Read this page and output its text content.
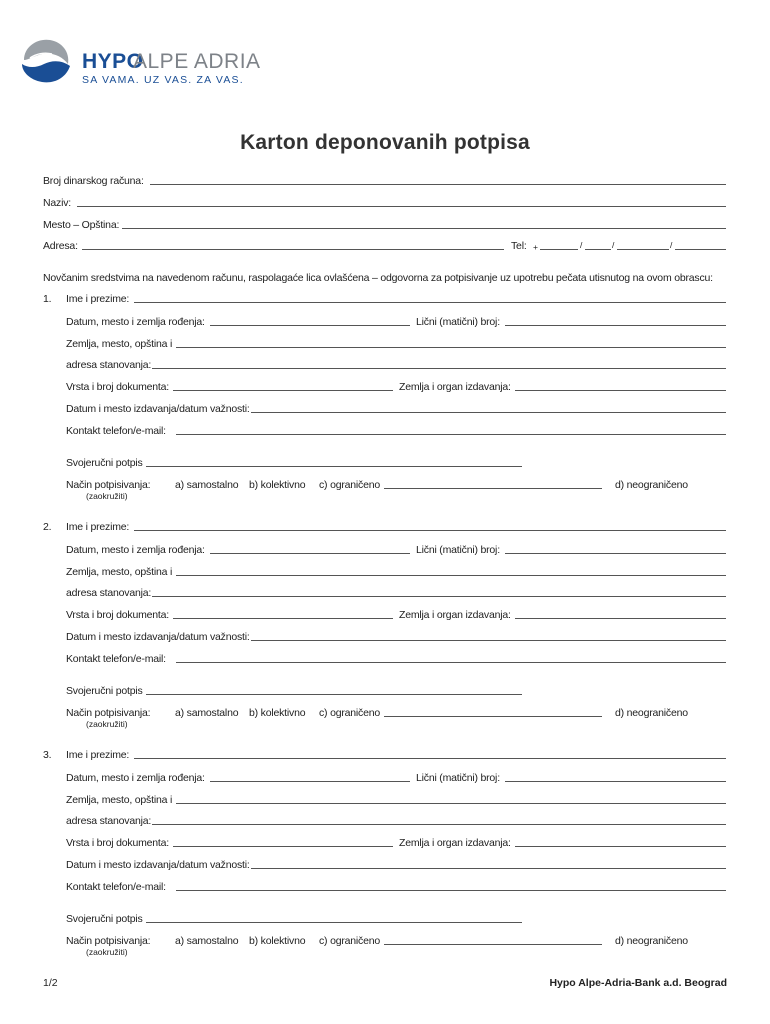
HYPO
ALPE ADRIA
SA VAMA. UZ VAS. ZA VAS.
Karton deponovanih potpisa
Broj dinarskog računa:
Naziv:
Mesto – Opština:
Adresa:	Tel: +	/	/	/
Novčanim sredstvima na navedenom računu, raspolagaće lica ovlašćena – odgovorna za potpisivanje uz upotrebu pečata utisnutog na ovom obrascu:
1. Ime i prezime:
Datum, mesto i zemlja rođenja:	Lični (matični) broj:
Zemlja, mesto, opština i
adresa stanovanja:
Vrsta i broj dokumenta:	Zemlja i organ izdavanja:
Datum i mesto izdavanja/datum važnosti:
Kontakt telefon/e-mail:
Svojeručni potpis
Način potpisivanja:
(zaokružiti)
a) samostalno b) kolektivno c) ograničeno	d) neograničeno
2. Ime i prezime:
Datum, mesto i zemlja rođenja:	Lični (matični) broj:
Zemlja, mesto, opština i
adresa stanovanja:
Vrsta i broj dokumenta:	Zemlja i organ izdavanja:
Datum i mesto izdavanja/datum važnosti:
Kontakt telefon/e-mail:
Svojeručni potpis
Način potpisivanja:
(zaokružiti)
a) samostalno b) kolektivno c) ograničeno	d) neograničeno
3. Ime i prezime:
Datum, mesto i zemlja rođenja:	Lični (matični) broj:
Zemlja, mesto, opština i
adresa stanovanja:
Vrsta i broj dokumenta:	Zemlja i organ izdavanja:
Datum i mesto izdavanja/datum važnosti:
Kontakt telefon/e-mail:
Svojeručni potpis
Način potpisivanja:
(zaokružiti)
a) samostalno b) kolektivno c) ograničeno	d) neograničeno
1/2	Hypo Alpe-Adria-Bank a.d. Beograd
